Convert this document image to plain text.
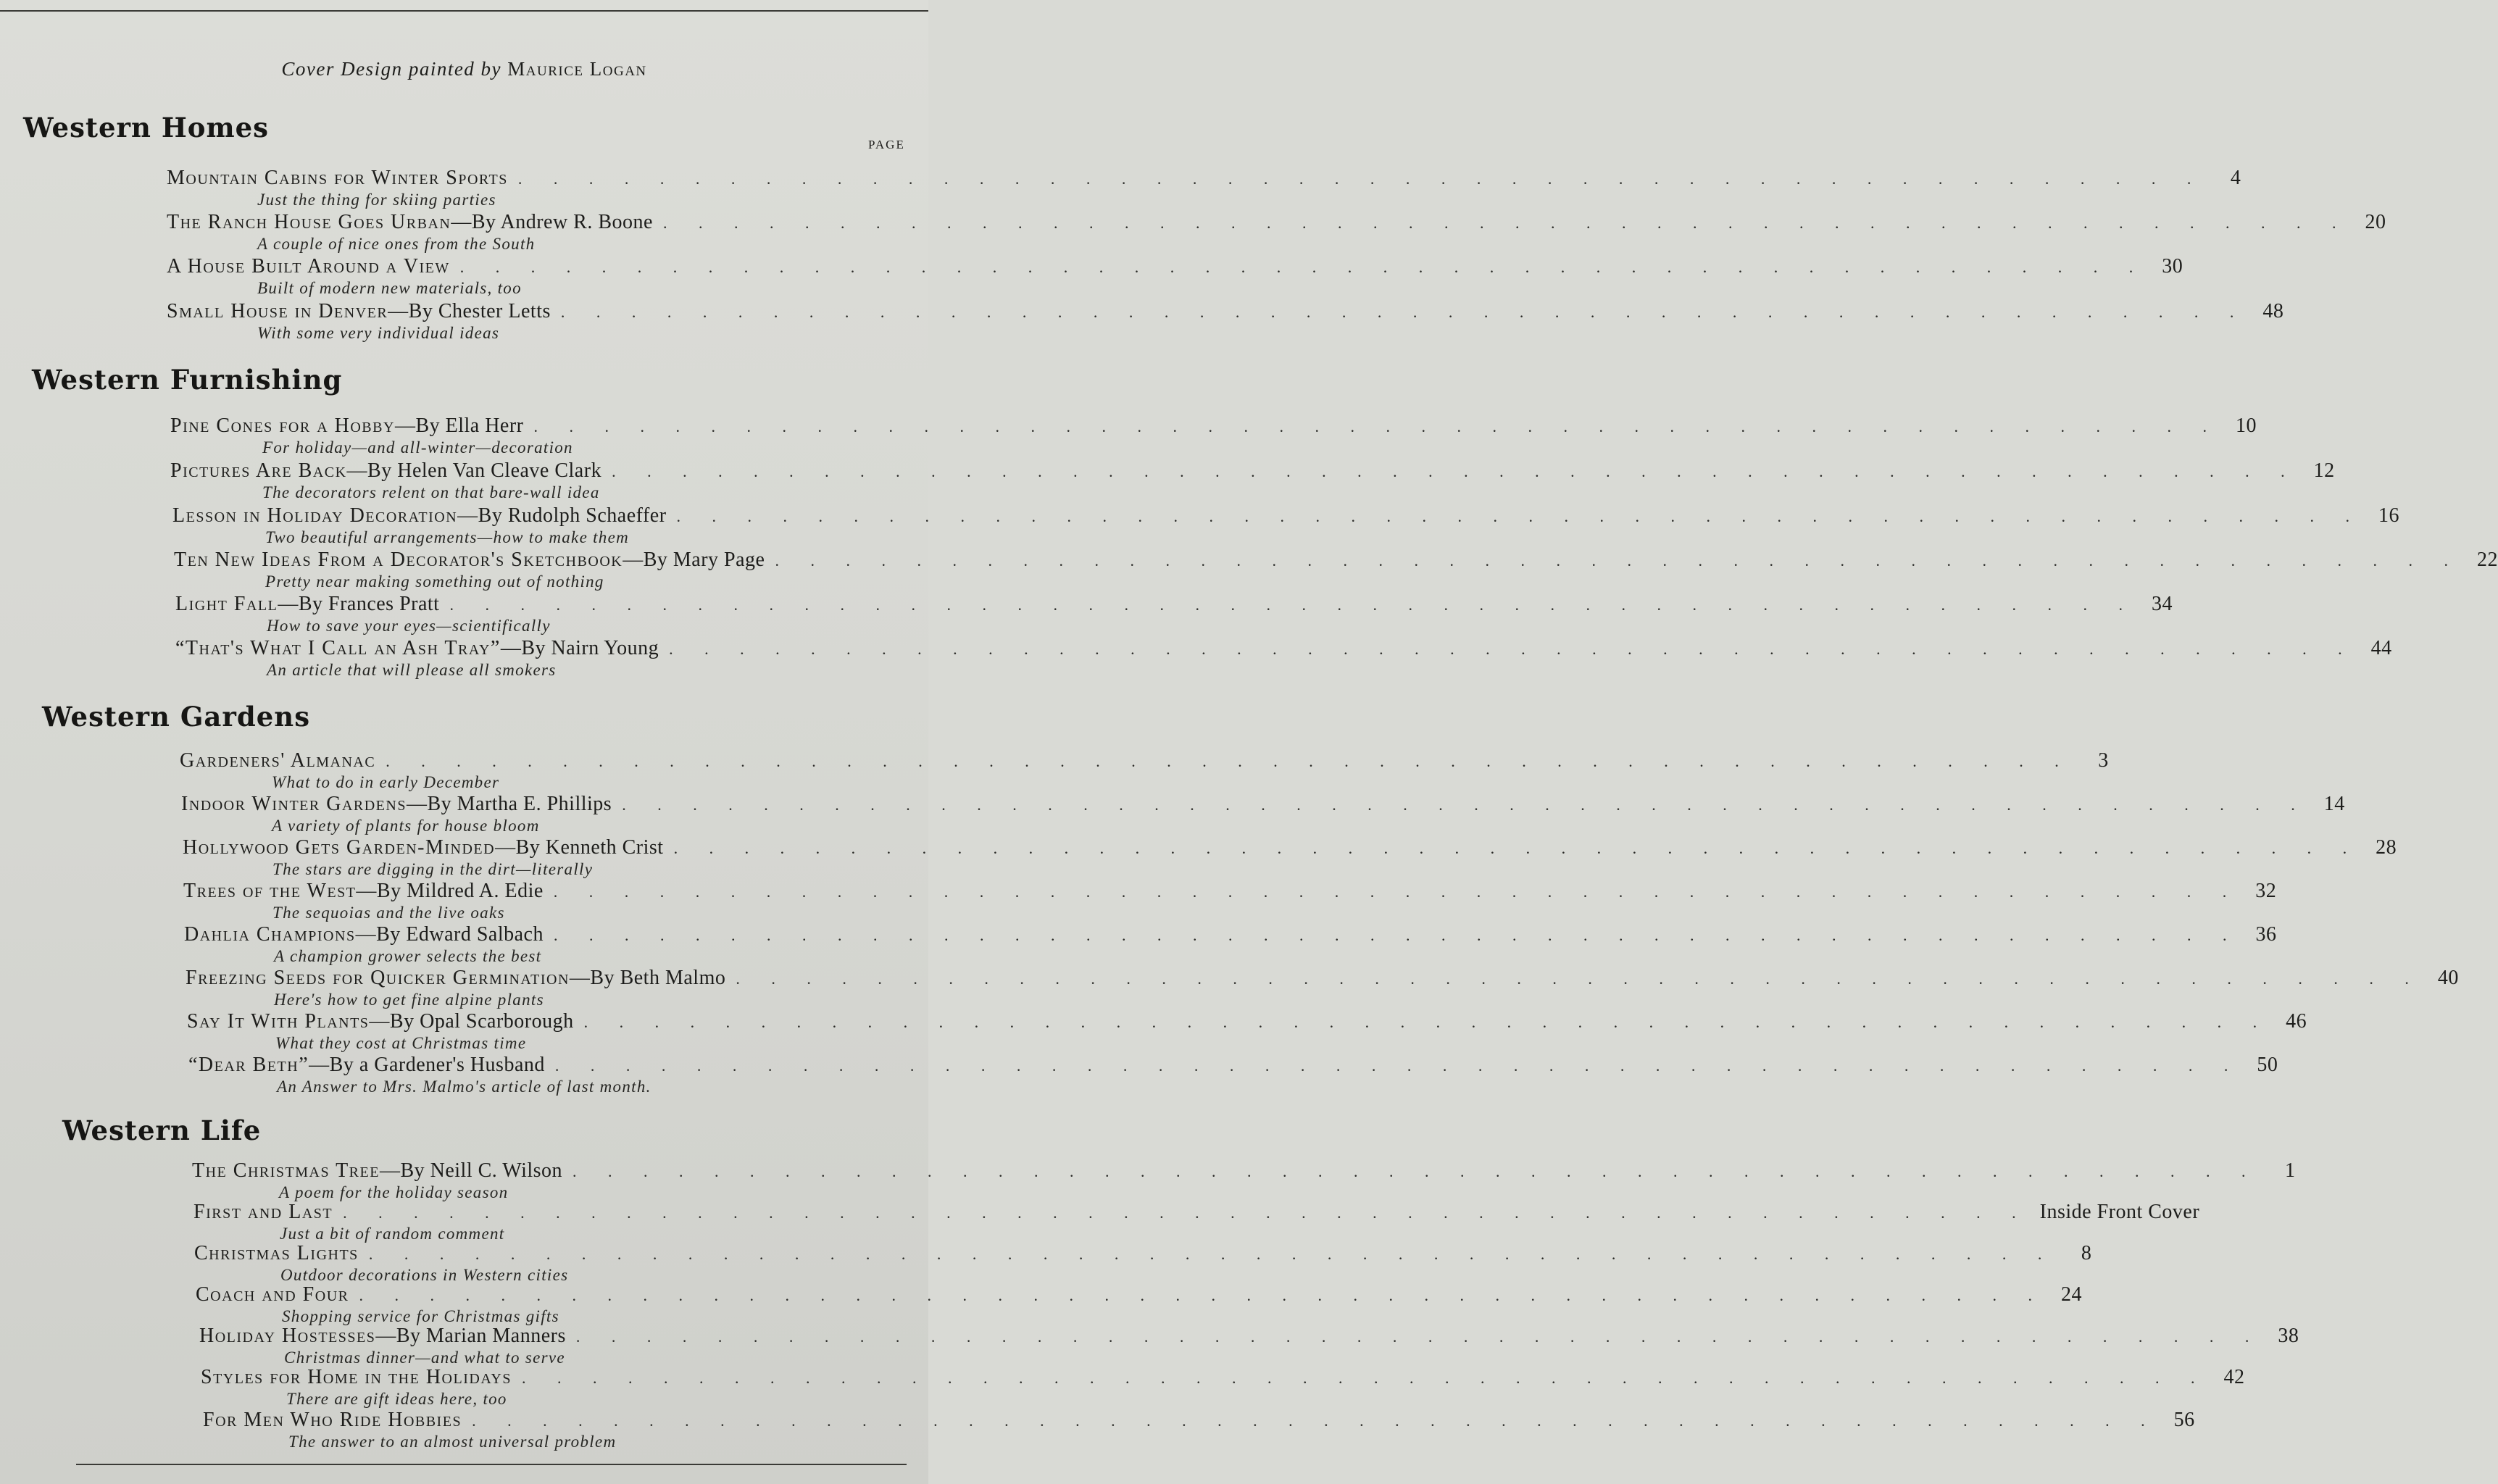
Cover Design painted by Maurice Logan
PAGE
Western Homes
Mountain Cabins for Winter Sports . . .	4
Just the thing for skiing parties
The Ranch House Goes Urban —By Andrew R. Boone . . .	20
A couple of nice ones from the South
A House Built Around a View . . .	30
Built of modern new materials, too
Small House in Denver —By Chester Letts . . .	48
With some very individual ideas
Western Furnishing
Pine Cones for a Hobby —By Ella Herr . . .	10
For holiday—and all-winter—decoration
Pictures Are Back —By Helen Van Cleave Clark . . .	12
The decorators relent on that bare-wall idea
Lesson in Holiday Decoration —By Rudolph Schaeffer . . .	16
Two beautiful arrangements—how to make them
Ten New Ideas From a Decorator's Sketchbook —By Mary Page . . .	22
Pretty near making something out of nothing
Light Fall —By Frances Pratt . . .	34
How to save your eyes—scientifically
“That's What I Call an Ash Tray” —By Nairn Young . . .	44
An article that will please all smokers
Western Gardens
Gardeners' Almanac . . .	3
What to do in early December
Indoor Winter Gardens —By Martha E. Phillips . . .	14
A variety of plants for house bloom
Hollywood Gets Garden-Minded —By Kenneth Crist . . .	28
The stars are digging in the dirt—literally
Trees of the West —By Mildred A. Edie . . .	32
The sequoias and the live oaks
Dahlia Champions —By Edward Salbach . . .	36
A champion grower selects the best
Freezing Seeds for Quicker Germination —By Beth Malmo . . .	40
Here's how to get fine alpine plants
Say It With Plants —By Opal Scarborough . . .	46
What they cost at Christmas time
“Dear Beth” —By a Gardener's Husband . . .	50
An Answer to Mrs. Malmo's article of last month.
Western Life
The Christmas Tree —By Neill C. Wilson . . .	1
A poem for the holiday season
First and Last . . .	Inside Front Cover
Just a bit of random comment
Christmas Lights . . .	8
Outdoor decorations in Western cities
Coach and Four . . .	24
Shopping service for Christmas gifts
Holiday Hostesses —By Marian Manners . . .	38
Christmas dinner—and what to serve
Styles for Home in the Holidays . . .	42
There are gift ideas here, too
For Men Who Ride Hobbies . . .	56
The answer to an almost universal problem
